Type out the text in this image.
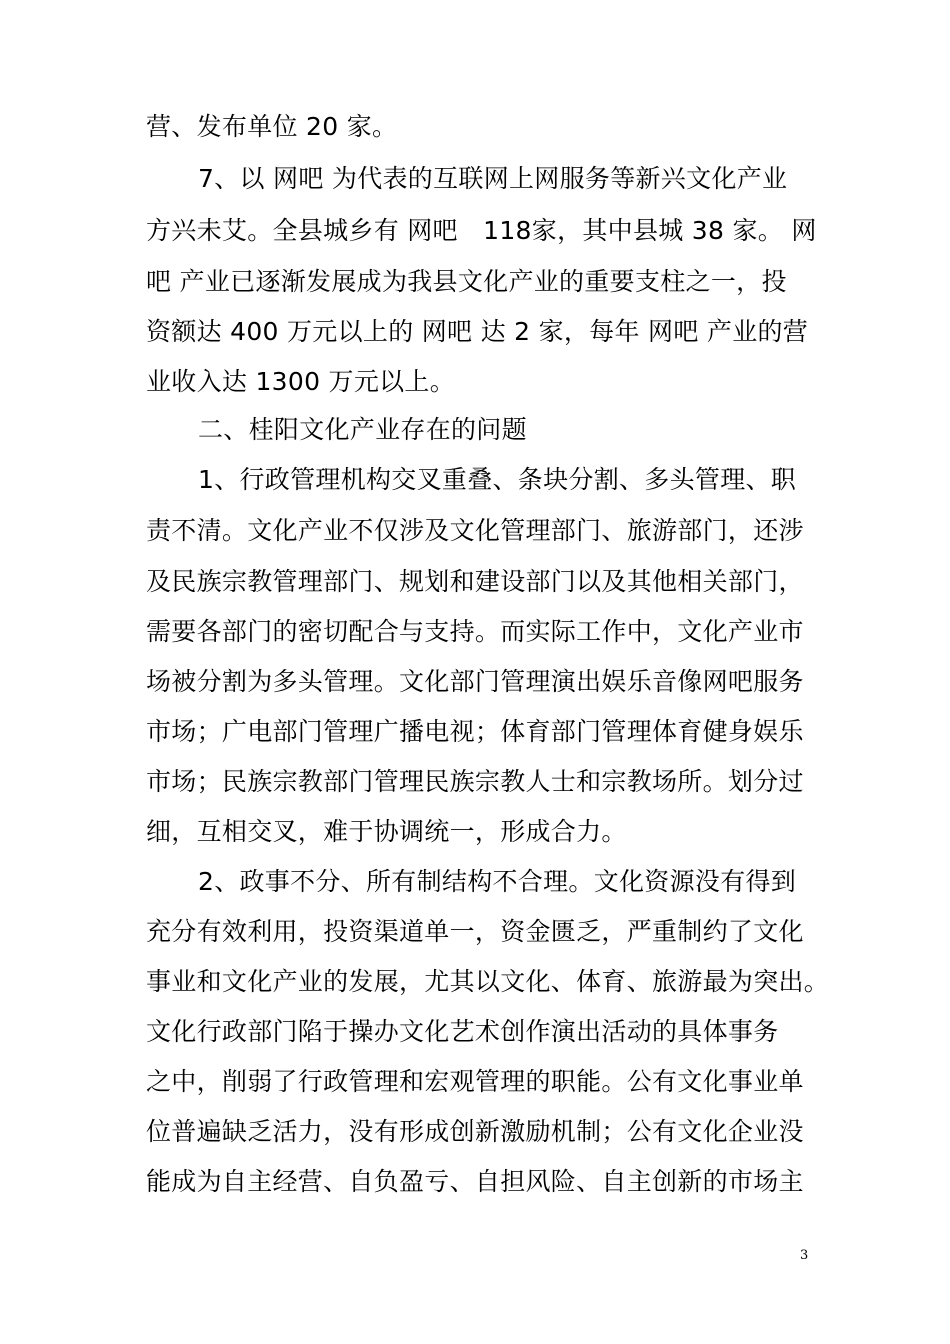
营、发布单位 20 家。
7、以 网吧 为代表的互联网上网服务等新兴文化产业
方兴未艾。全县城乡有 网吧　118家，其中县城 38 家。 网
吧 产业已逐渐发展成为我县文化产业的重要支柱之一，投
资额达 400 万元以上的 网吧 达 2 家，每年 网吧 产业的营
业收入达 1300 万元以上。
二、桂阳文化产业存在的问题
1、行政管理机构交叉重叠、条块分割、多头管理、职
责不清。文化产业不仅涉及文化管理部门、旅游部门，还涉
及民族宗教管理部门、规划和建设部门以及其他相关部门，
需要各部门的密切配合与支持。而实际工作中，文化产业市
场被分割为多头管理。文化部门管理演出娱乐音像网吧服务
市场；广电部门管理广播电视；体育部门管理体育健身娱乐
市场；民族宗教部门管理民族宗教人士和宗教场所。划分过
细，互相交叉，难于协调统一，形成合力。
2、政事不分、所有制结构不合理。文化资源没有得到
充分有效利用，投资渠道单一，资金匮乏，严重制约了文化
事业和文化产业的发展，尤其以文化、体育、旅游最为突出。
文化行政部门陷于操办文化艺术创作演出活动的具体事务
之中，削弱了行政管理和宏观管理的职能。公有文化事业单
位普遍缺乏活力，没有形成创新激励机制；公有文化企业没
能成为自主经营、自负盈亏、自担风险、自主创新的市场主
3
